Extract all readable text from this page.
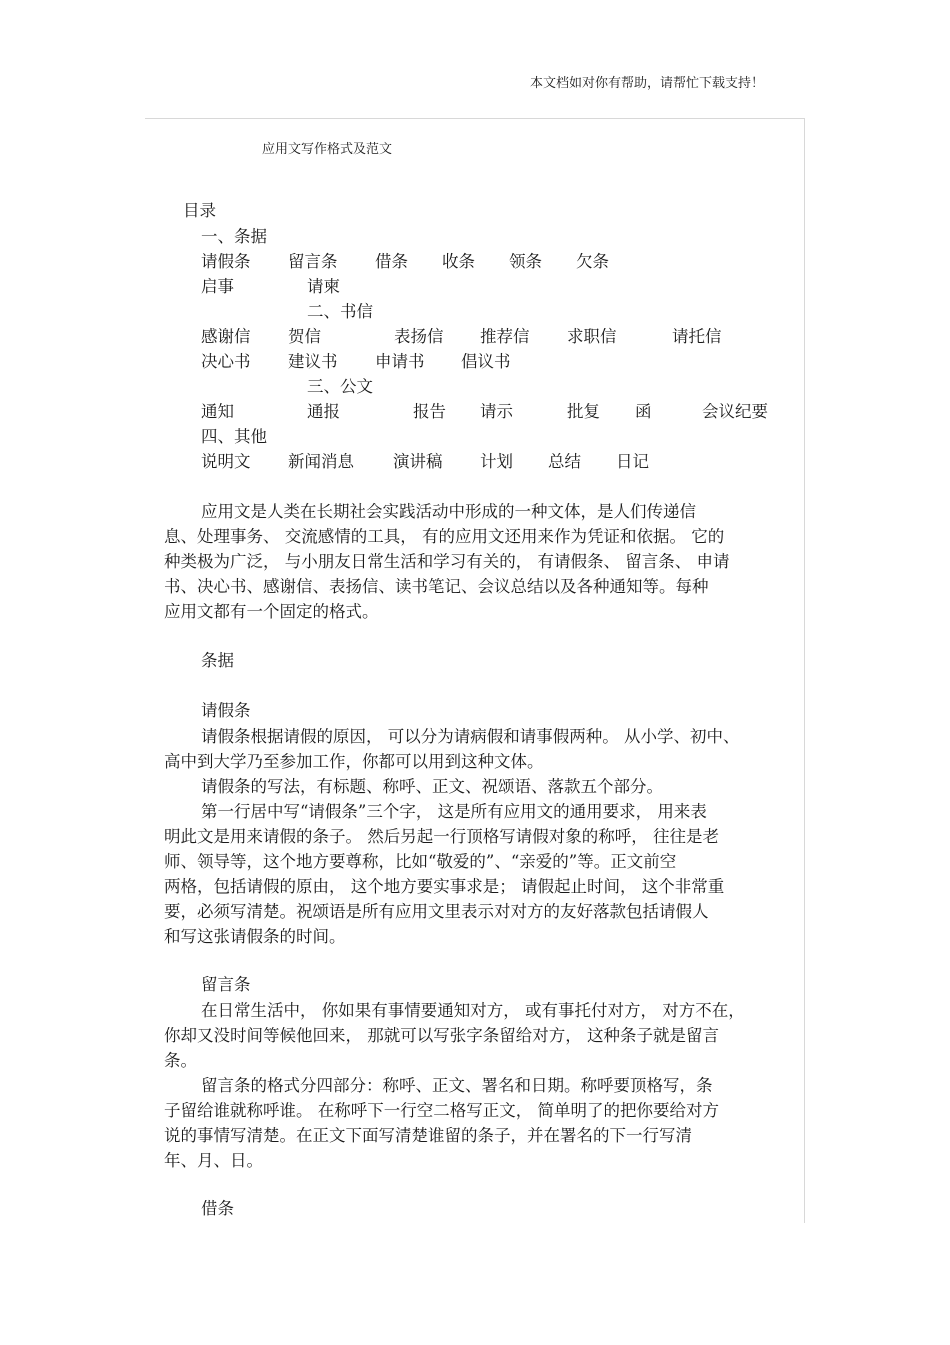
本文档如对你有帮助，请帮忙下载支持！
应用文写作格式及范文
目录
一、条据
请假条 留言条 借条 收条 领条 欠条
启事	请柬
二、书信
感谢信 贺信	表扬信 推荐信 求职信	请托信
决心书 建议书 申请书 倡议书
三、公文
通知	通报	报告 请示	批复 函	会议纪要
四、其他
说明文 新闻消息 演讲稿 计划 总结 日记
应用文是人类在长期社会实践活动中形成的一种文体，是人们传递信
息、处理事务、 交流感情的工具， 有的应用文还用来作为凭证和依据。 它的
种类极为广泛， 与小朋友日常生活和学习有关的， 有请假条、 留言条、 申请
书、决心书、感谢信、表扬信、读书笔记、会议总结以及各种通知等。每种
应用文都有一个固定的格式。
条据
请假条
请假条根据请假的原因， 可以分为请病假和请事假两种。 从小学、初中、
高中到大学乃至参加工作，你都可以用到这种文体。
请假条的写法，有标题、称呼、正文、祝颂语、落款五个部分。
第一行居中写“请假条”三个字， 这是所有应用文的通用要求， 用来表
明此文是用来请假的条子。 然后另起一行顶格写请假对象的称呼， 往往是老
师、领导等，这个地方要尊称，比如“敬爱的”、“亲爱的”等。正文前空
两格，包括请假的原由， 这个地方要实事求是； 请假起止时间， 这个非常重
要，必须写清楚。祝颂语是所有应用文里表示对对方的友好落款包括请假人
和写这张请假条的时间。
留言条
在日常生活中， 你如果有事情要通知对方， 或有事托付对方， 对方不在，
你却又没时间等候他回来， 那就可以写张字条留给对方， 这种条子就是留言
条。
留言条的格式分四部分：称呼、正文、署名和日期。称呼要顶格写，条
子留给谁就称呼谁。 在称呼下一行空二格写正文， 简单明了的把你要给对方
说的事情写清楚。在正文下面写清楚谁留的条子，并在署名的下一行写清
年、月、日。
借条
